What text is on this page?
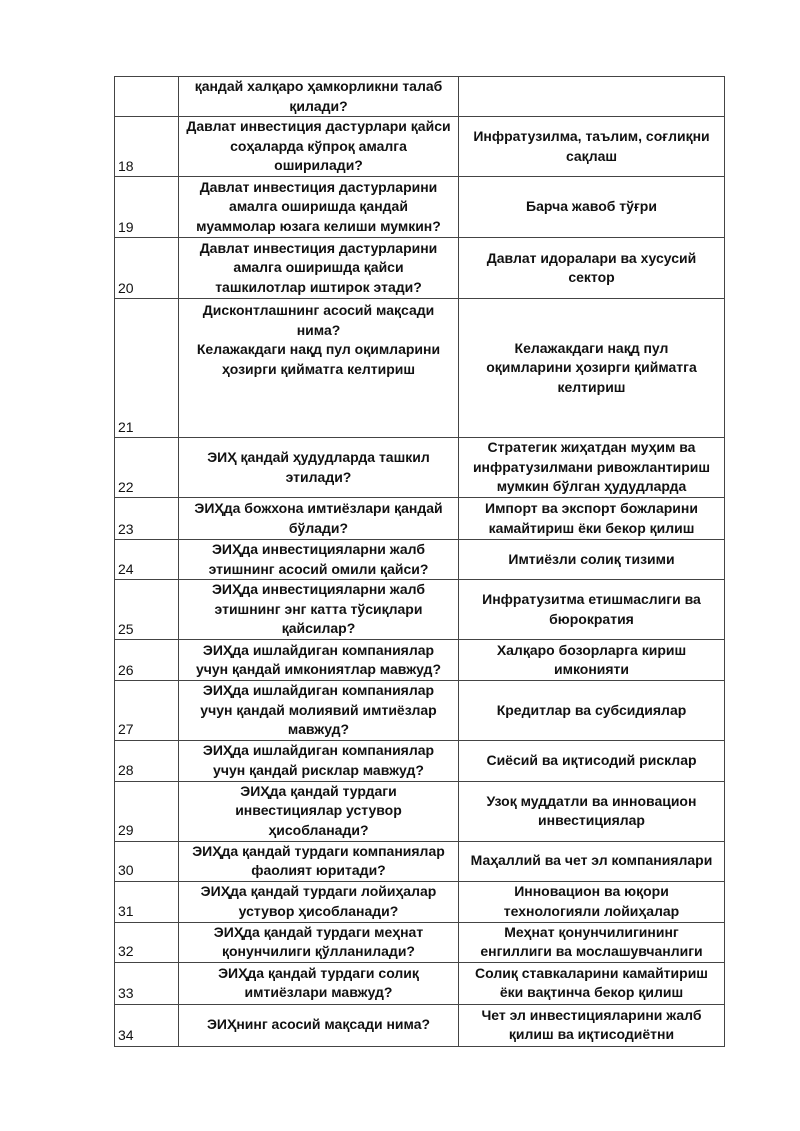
	қандай халқаро ҳамкорликни талаб
қилади?	

18	Давлат инвестиция дастурлари қайси
соҳаларда кўпроқ амалга
оширилади?	Инфратузилма, таълим, соғлиқни
сақлаш

19	Давлат инвестиция дастурларини
амалга оширишда қандай
муаммолар юзага келиши мумкин?	Барча жавоб тўғри

20	Давлат инвестиция дастурларини
амалга оширишда қайси
ташкилотлар иштирок этади?	Давлат идоралари ва хусусий
сектор

21	Дисконтлашнинг асосий мақсади
нима?
Келажакдаги нақд пул оқимларини
ҳозирги қийматга келтириш	Келажакдаги нақд пул
оқимларини ҳозирги қийматга
келтириш

22	ЭИҲ қандай ҳудудларда ташкил
этилади?	Стратегик жиҳатдан муҳим ва
инфратузилмани ривожлантириш
мумкин бўлган ҳудудларда

23	ЭИҲда божхона имтиёзлари қандай
бўлади?	Импорт ва экспорт божларини
камайтириш ёки бекор қилиш

24	ЭИҲда инвестицияларни жалб
этишнинг асосий омили қайси?	Имтиёзли солиқ тизими

25	ЭИҲда инвестицияларни жалб
этишнинг энг катта тўсиқлари
қайсилар?	Инфратузитма етишмаслиги ва
бюрократия

26	ЭИҲда ишлайдиган компаниялар
учун қандай имкониятлар мавжуд?	Халқаро бозорларга кириш
имконияти

27	ЭИҲда ишлайдиган компаниялар
учун қандай молиявий имтиёзлар
мавжуд?	Кредитлар ва субсидиялар

28	ЭИҲда ишлайдиган компаниялар
учун қандай рисклар мавжуд?	Сиёсий ва иқтисодий рисклар

29	ЭИҲда қандай турдаги
инвестициялар устувор
ҳисобланади?	Узоқ муддатли ва инновацион
инвестициялар

30	ЭИҲда қандай турдаги компаниялар
фаолият юритади?	Маҳаллий ва чет эл компаниялари

31	ЭИҲда қандай турдаги лойиҳалар
устувор ҳисобланади?	Инновацион ва юқори
технологияли лойиҳалар

32	ЭИҲда қандай турдаги меҳнат
қонунчилиги қўлланилади?	Меҳнат қонунчилигининг
енгиллиги ва мослашувчанлиги

33	ЭИҲда қандай турдаги солиқ
имтиёзлари мавжуд?	Солиқ ставкаларини камайтириш
ёки вақтинча бекор қилиш

34	ЭИҲнинг асосий мақсади нима?	Чет эл инвестицияларини жалб
қилиш ва иқтисодиётни
